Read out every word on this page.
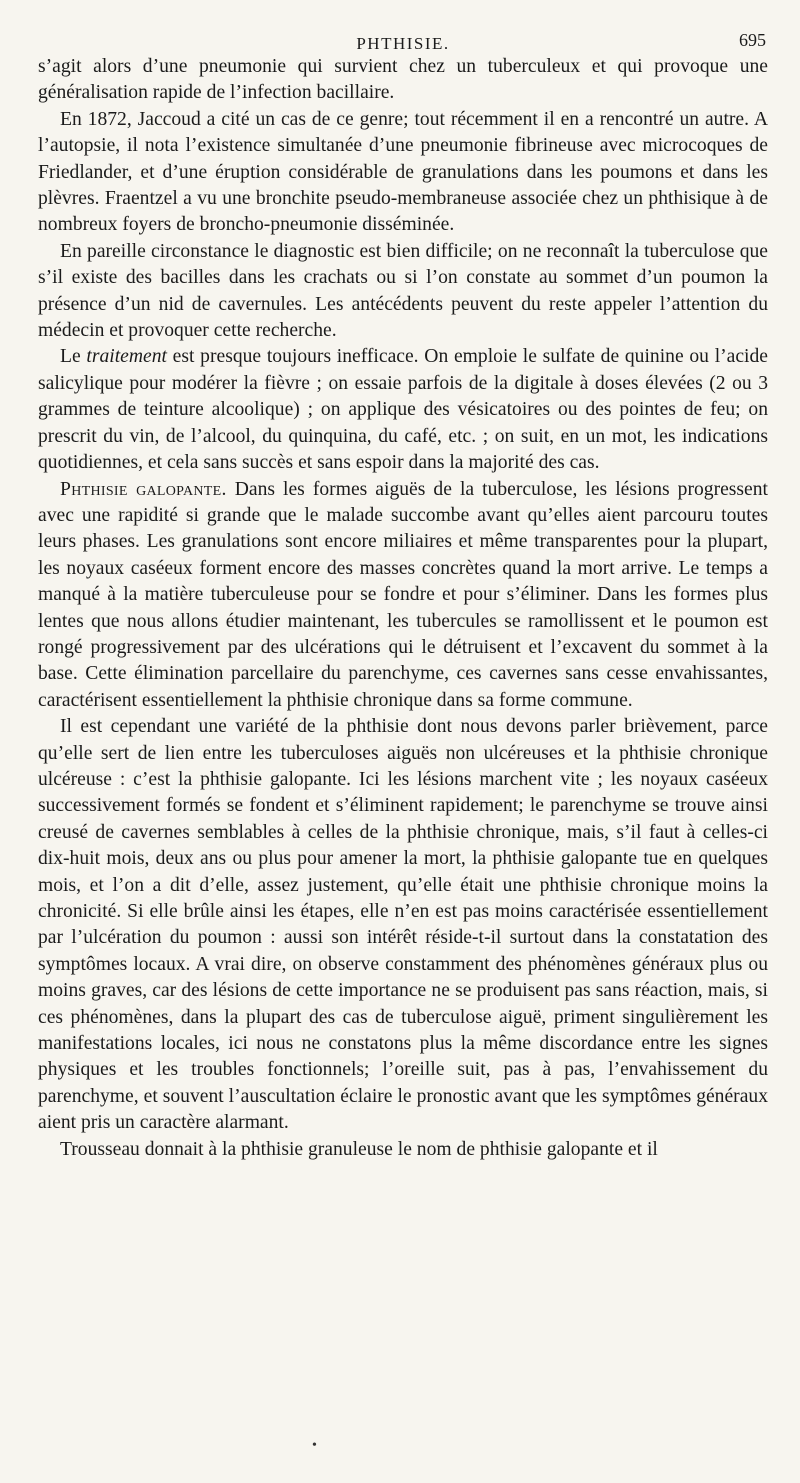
PHTHISIE.	695

s’agit alors d’une pneumonie qui survient chez un tuberculeux et qui provoque une généralisation rapide de l’infection bacillaire.

En 1872, Jaccoud a cité un cas de ce genre; tout récemment il en a rencontré un autre. A l’autopsie, il nota l’existence simultanée d’une pneumonie fibrineuse avec microcoques de Friedlander, et d’une éruption considérable de granulations dans les poumons et dans les plèvres. Fraentzel a vu une bronchite pseudo-membraneuse associée chez un phthisique à de nombreux foyers de broncho-pneumonie disséminée.

En pareille circonstance le diagnostic est bien difficile; on ne reconnaît la tuberculose que s’il existe des bacilles dans les crachats ou si l’on constate au sommet d’un poumon la présence d’un nid de cavernules. Les antécédents peuvent du reste appeler l’attention du médecin et provoquer cette recherche.

Le traitement est presque toujours inefficace. On emploie le sulfate de quinine ou l’acide salicylique pour modérer la fièvre ; on essaie parfois de la digitale à doses élevées (2 ou 3 grammes de teinture alcoolique) ; on applique des vésicatoires ou des pointes de feu; on prescrit du vin, de l’alcool, du quinquina, du café, etc. ; on suit, en un mot, les indications quotidiennes, et cela sans succès et sans espoir dans la majorité des cas.

Phthisie galopante. Dans les formes aiguës de la tuberculose, les lésions progressent avec une rapidité si grande que le malade succombe avant qu’elles aient parcouru toutes leurs phases. Les granulations sont encore miliaires et même transparentes pour la plupart, les noyaux caséeux forment encore des masses concrètes quand la mort arrive. Le temps a manqué à la matière tuberculeuse pour se fondre et pour s’éliminer. Dans les formes plus lentes que nous allons étudier maintenant, les tubercules se ramollissent et le poumon est rongé progressivement par des ulcérations qui le détruisent et l’excavent du sommet à la base. Cette élimination parcellaire du parenchyme, ces cavernes sans cesse envahissantes, caractérisent essentiellement la phthisie chronique dans sa forme commune.

Il est cependant une variété de la phthisie dont nous devons parler brièvement, parce qu’elle sert de lien entre les tuberculoses aiguës non ulcéreuses et la phthisie chronique ulcéreuse : c’est la phthisie galopante. Ici les lésions marchent vite ; les noyaux caséeux successivement formés se fondent et s’éliminent rapidement; le parenchyme se trouve ainsi creusé de cavernes semblables à celles de la phthisie chronique, mais, s’il faut à celles-ci dix-huit mois, deux ans ou plus pour amener la mort, la phthisie galopante tue en quelques mois, et l’on a dit d’elle, assez justement, qu’elle était une phthisie chronique moins la chronicité. Si elle brûle ainsi les étapes, elle n’en est pas moins caractérisée essentiellement par l’ulcération du poumon : aussi son intérêt réside-t-il surtout dans la constatation des symptômes locaux. A vrai dire, on observe constamment des phénomènes généraux plus ou moins graves, car des lésions de cette importance ne se produisent pas sans réaction, mais, si ces phénomènes, dans la plupart des cas de tuberculose aiguë, priment singulièrement les manifestations locales, ici nous ne constatons plus la même discordance entre les signes physiques et les troubles fonctionnels; l’oreille suit, pas à pas, l’envahissement du parenchyme, et souvent l’auscultation éclaire le pronostic avant que les symptômes généraux aient pris un caractère alarmant.

Trousseau donnait à la phthisie granuleuse le nom de phthisie galopante et il

•
